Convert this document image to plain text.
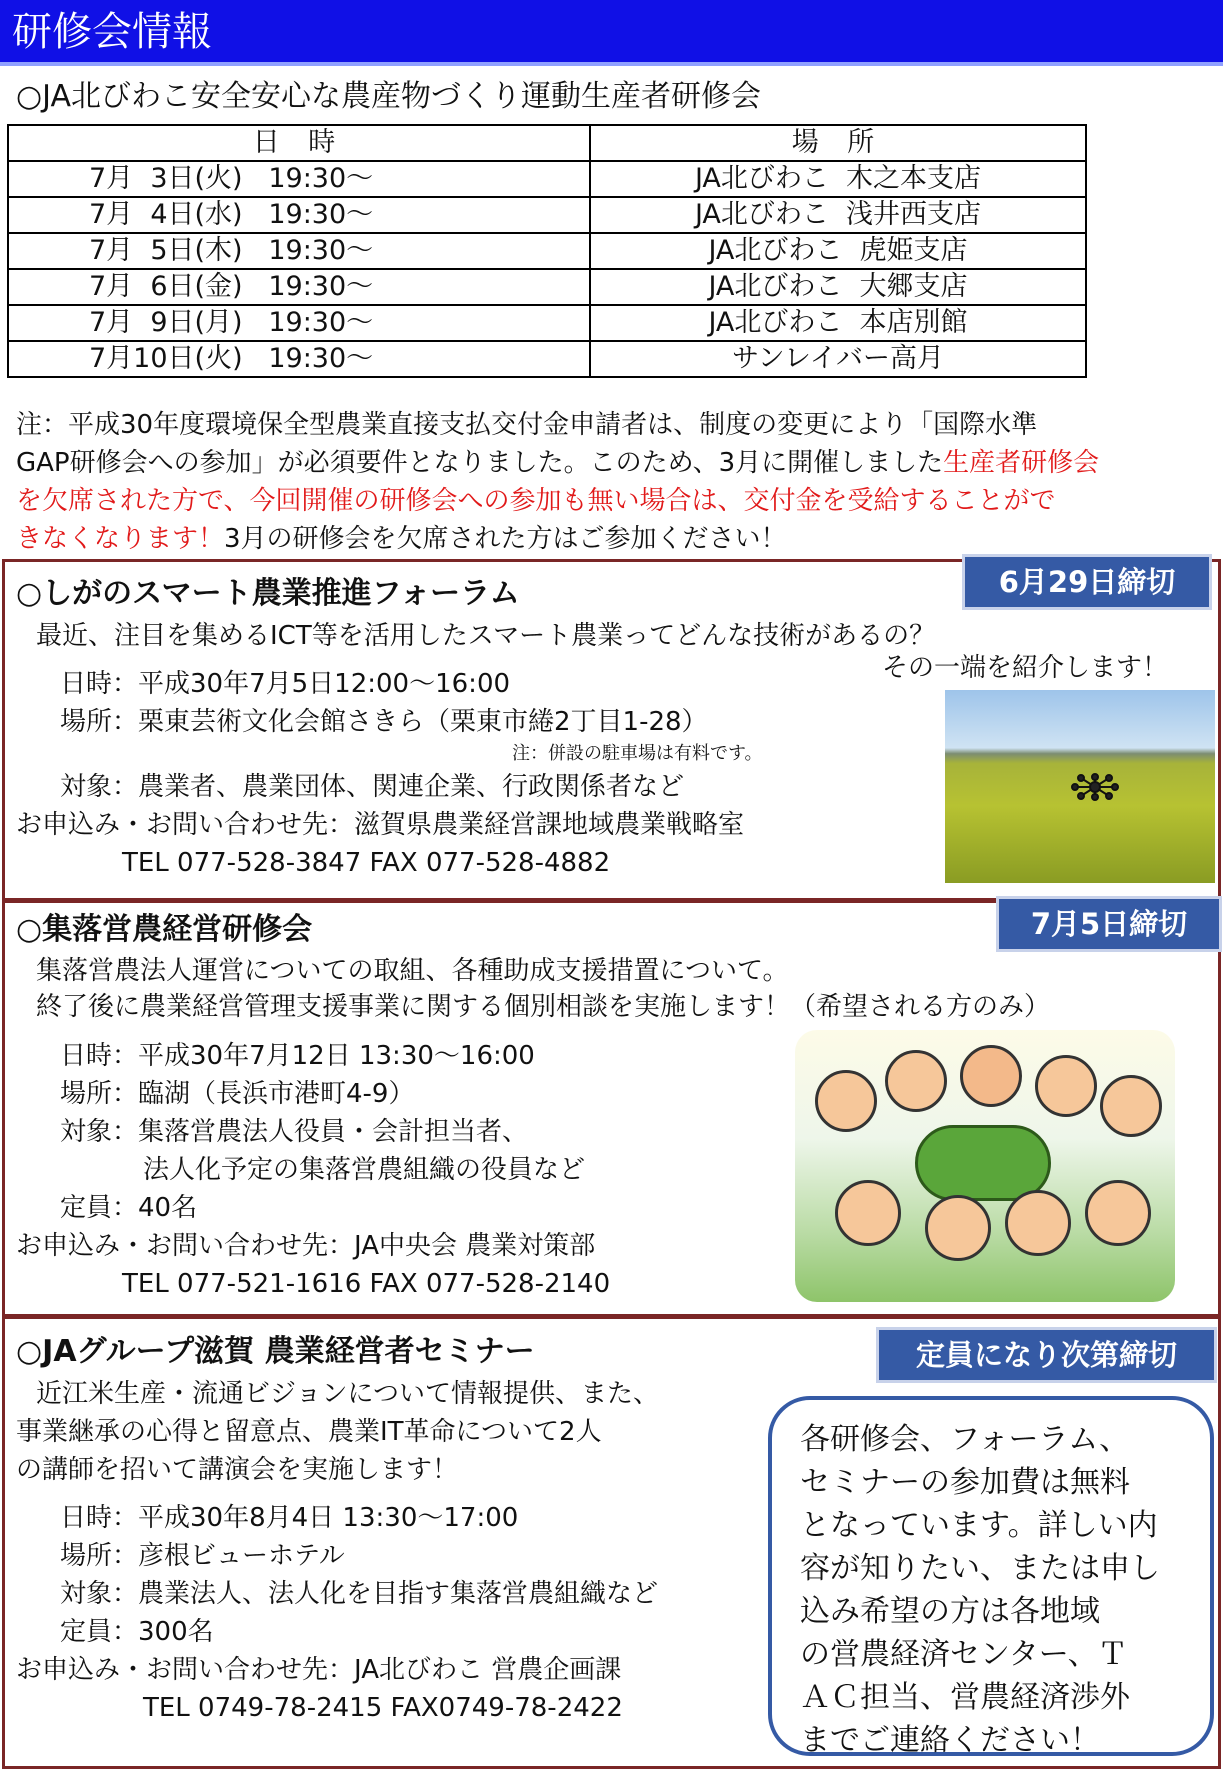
研修会情報
○JA北びわこ安全安心な農産物づくり運動生産者研修会
日 時	場 所
7月  3日(火)   19:30～	JA北びわこ  木之本支店
7月  4日(水)   19:30～	JA北びわこ  浅井西支店
7月  5日(木)   19:30～	JA北びわこ  虎姫支店
7月  6日(金)   19:30～	JA北びわこ  大郷支店
7月  9日(月)   19:30～	JA北びわこ  本店別館
7月10日(火)   19:30～	サンレイバー高月

注：平成30年度環境保全型農業直接支払交付金申請者は、制度の変更により「国際水準

GAP研修会への参加」が必須要件となりました。このため、3月に開催しました生産者研修会

を欠席された方で、今回開催の研修会への参加も無い場合は、交付金を受給することがで

きなくなります！3月の研修会を欠席された方はご参加ください！

6月29日締切
○しがのスマート農業推進フォーラム
最近、注目を集めるICT等を活用したスマート農業ってどんな技術があるの？
その一端を紹介します！
日時：平成30年7月5日12:00～16:00
場所：栗東芸術文化会館さきら（栗東市綣2丁目1-28）
注：併設の駐車場は有料です。
対象：農業者、農業団体、関連企業、行政関係者など
お申込み・お問い合わせ先：滋賀県農業経営課地域農業戦略室
TEL 077-528-3847 FAX 077-528-4882
7月5日締切
○集落営農経営研修会
集落営農法人運営についての取組、各種助成支援措置について。
終了後に農業経営管理支援事業に関する個別相談を実施します！（希望される方のみ）
日時：平成30年7月12日 13:30～16:00
場所：臨湖（長浜市港町4-9）
対象：集落営農法人役員・会計担当者、
法人化予定の集落営農組織の役員など
定員：40名
お申込み・お問い合わせ先：JA中央会 農業対策部
TEL 077-521-1616 FAX 077-528-2140
定員になり次第締切
○JAグループ滋賀 農業経営者セミナー
近江米生産・流通ビジョンについて情報提供、また、
事業継承の心得と留意点、農業IT革命について2人
の講師を招いて講演会を実施します！
日時：平成30年8月4日 13:30～17:00
場所：彦根ビューホテル
対象：農業法人、法人化を目指す集落営農組織など
定員：300名
お申込み・お問い合わせ先：JA北びわこ 営農企画課
TEL 0749-78-2415 FAX0749-78-2422

各研修会、フォーラム、

セミナーの参加費は無料

となっています。詳しい内

容が知りたい、または申し

込み希望の方は各地域

の営農経済センター、Ｔ

ＡＣ担当、営農経済渉外

までご連絡ください！
